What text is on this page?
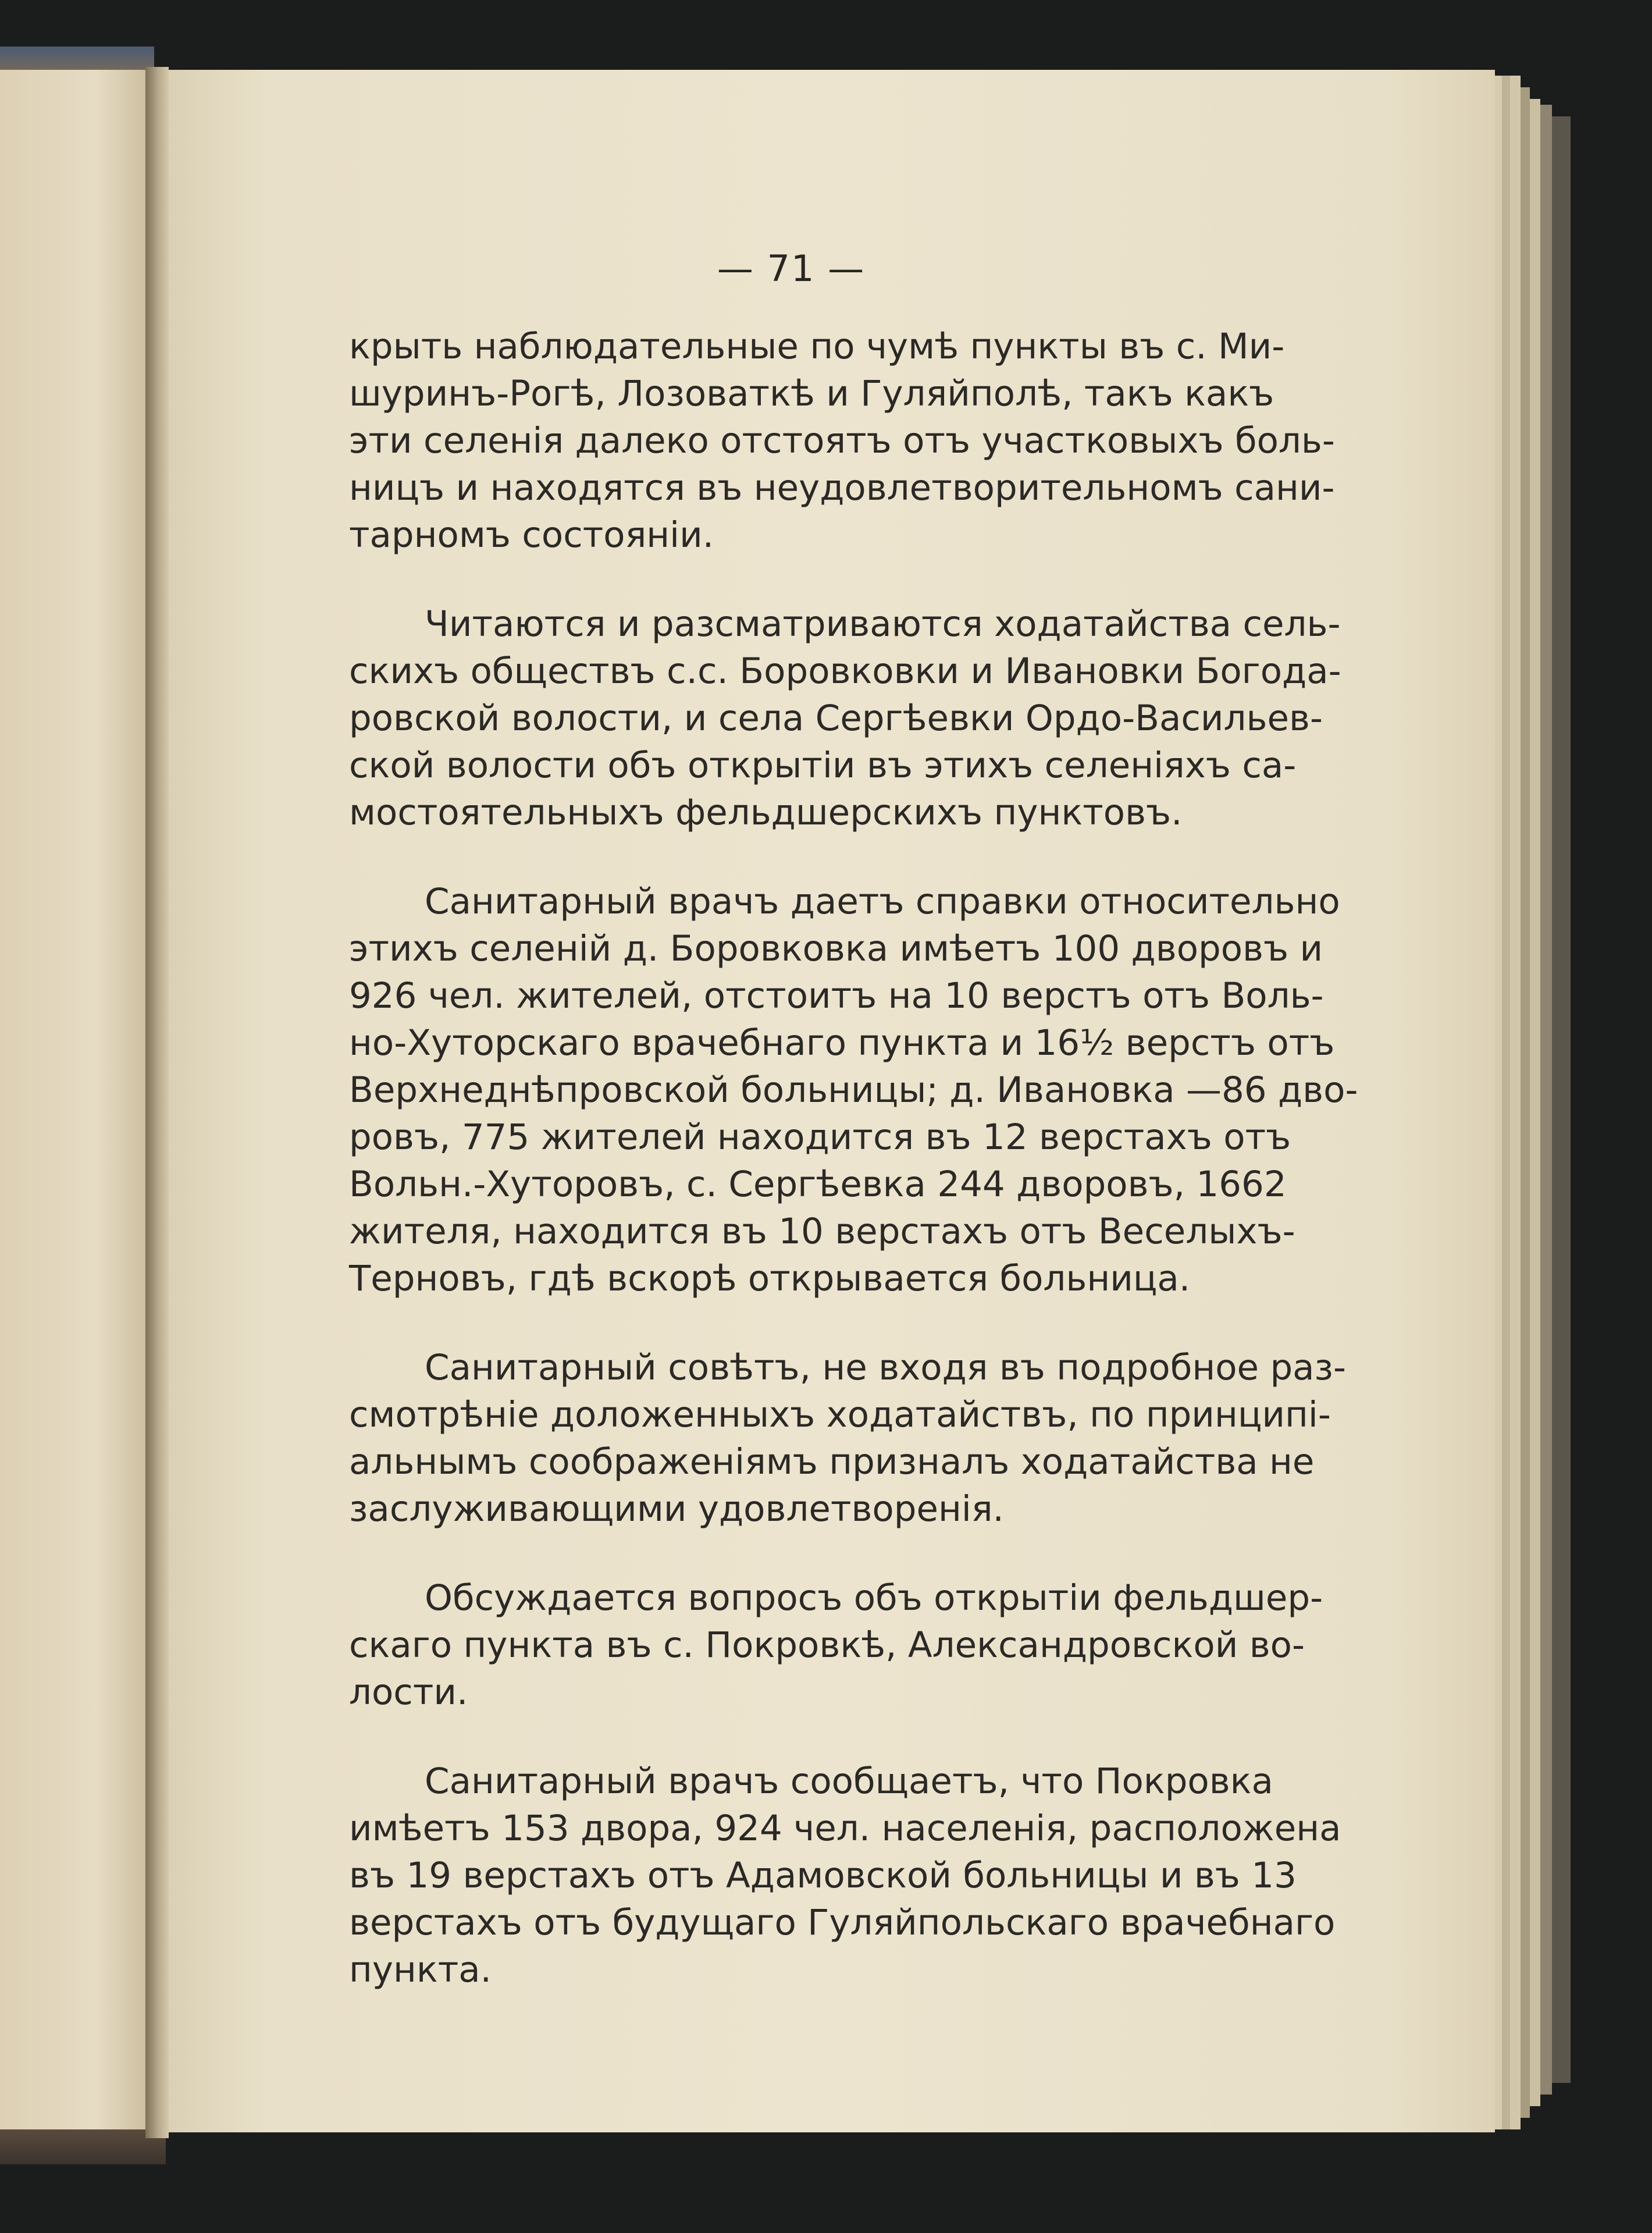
— 71 —
крыть наблюдательные по чумѣ пункты въ с. Ми-
шуринъ-Рогѣ, Лозоваткѣ и Гуляйполѣ, такъ какъ
эти селенія далеко отстоятъ отъ участковыхъ боль-
ницъ и находятся въ неудовлетворительномъ сани-
тарномъ состояніи.
Читаются и разсматриваются ходатайства сель-
скихъ обществъ с.с. Боровковки и Ивановки Богода-
ровской волости, и села Сергѣевки Ордо-Васильев-
ской волости объ открытіи въ этихъ селеніяхъ са-
мостоятельныхъ фельдшерскихъ пунктовъ.
Санитарный врачъ даетъ справки относительно
этихъ селеній д. Боровковка имѣетъ 100 дворовъ и
926 чел. жителей, отстоитъ на 10 верстъ отъ Воль-
но-Хуторскаго врачебнаго пункта и 16½ верстъ отъ
Верхнеднѣпровской больницы; д. Ивановка —86 дво-
ровъ, 775 жителей находится въ 12 верстахъ отъ
Вольн.-Хуторовъ, с. Сергѣевка 244 дворовъ, 1662
жителя, находится въ 10 верстахъ отъ Веселыхъ-
Терновъ, гдѣ вскорѣ открывается больница.
Санитарный совѣтъ, не входя въ подробное раз-
смотрѣніе доложенныхъ ходатайствъ, по принципі-
альнымъ соображеніямъ призналъ ходатайства не
заслуживающими удовлетворенія.
Обсуждается вопросъ объ открытіи фельдшер-
скаго пункта въ с. Покровкѣ, Александровской во-
лости.
Санитарный врачъ сообщаетъ, что Покровка
имѣетъ 153 двора, 924 чел. населенія, расположена
въ 19 верстахъ отъ Адамовской больницы и въ 13
верстахъ отъ будущаго Гуляйпольскаго врачебнаго
пункта.
